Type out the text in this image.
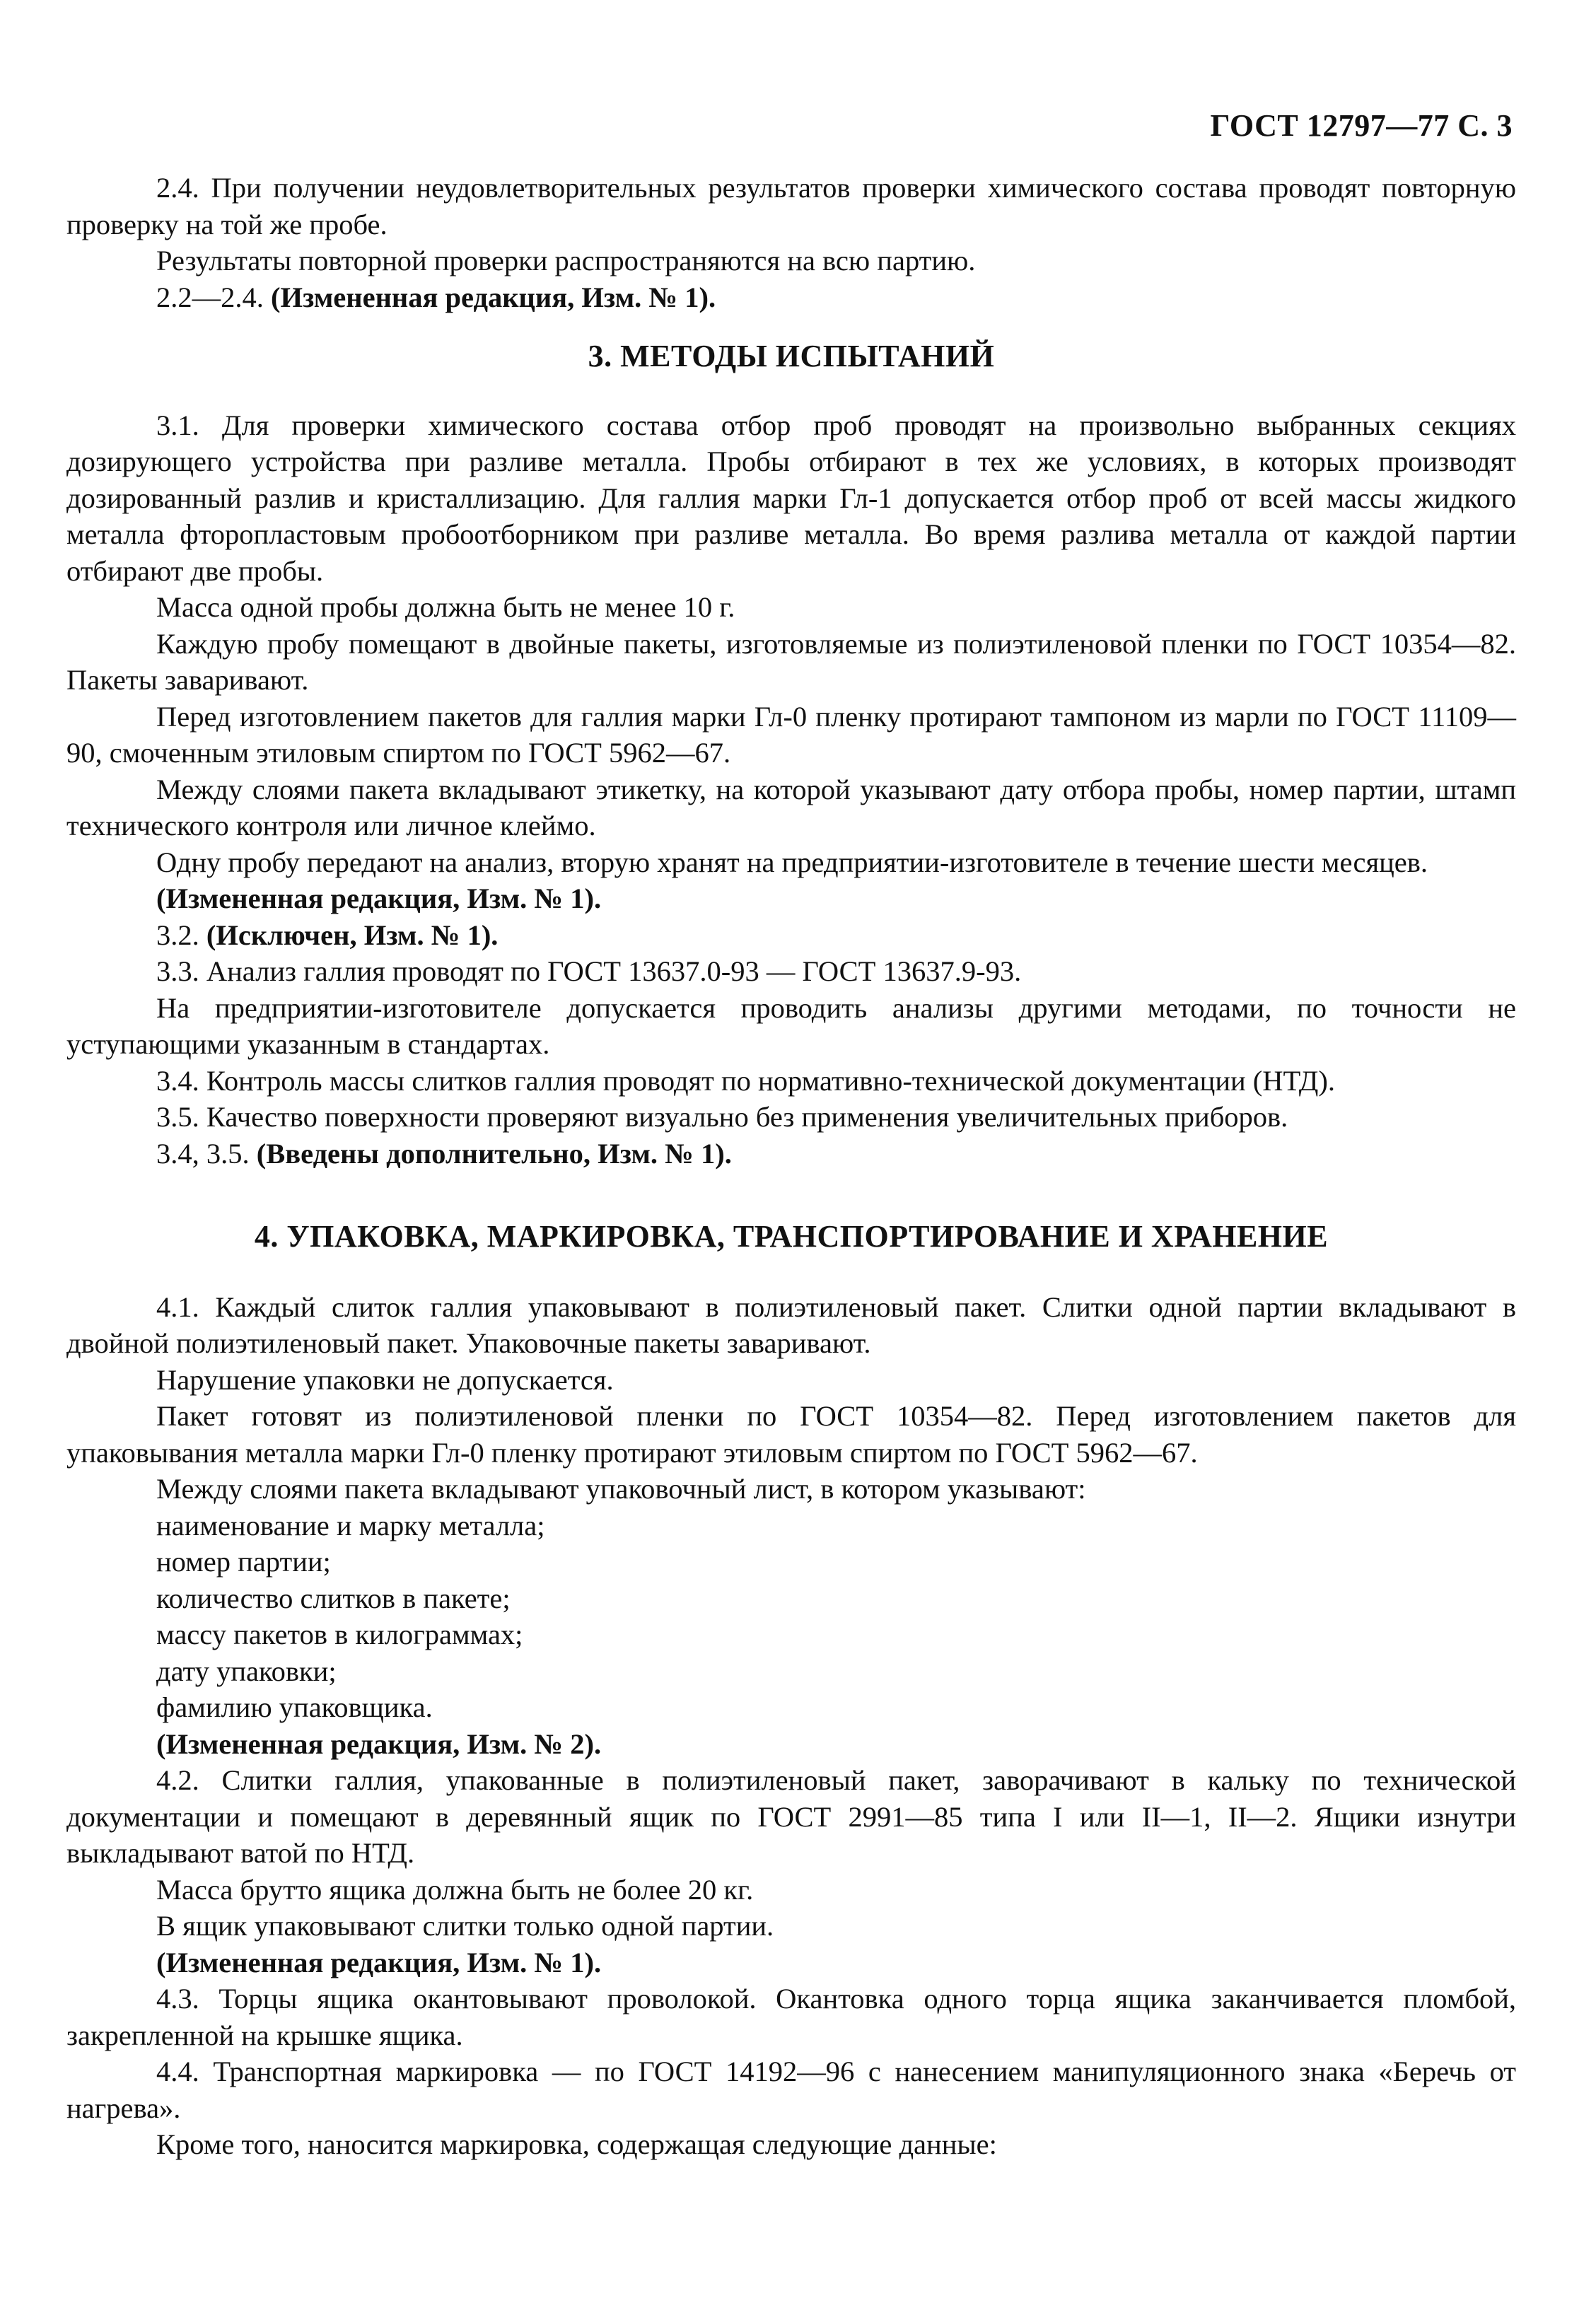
ГОСТ 12797—77 С. 3

2.4. При получении неудовлетворительных результатов проверки химического состава проводят повторную проверку на той же пробе.

Результаты повторной проверки распространяются на всю партию.

2.2—2.4. (Измененная редакция, Изм. № 1).

3. МЕТОДЫ ИСПЫТАНИЙ

3.1. Для проверки химического состава отбор проб проводят на произвольно выбранных секциях дозирующего устройства при разливе металла. Пробы отбирают в тех же условиях, в которых производят дозированный разлив и кристаллизацию. Для галлия марки Гл-1 допускается отбор проб от всей массы жидкого металла фторопластовым пробоотборником при разливе металла. Во время разлива металла от каждой партии отбирают две пробы.

Масса одной пробы должна быть не менее 10 г.

Каждую пробу помещают в двойные пакеты, изготовляемые из полиэтиленовой пленки по ГОСТ 10354—82. Пакеты заваривают.

Перед изготовлением пакетов для галлия марки Гл-0 пленку протирают тампоном из марли по ГОСТ 11109—90, смоченным этиловым спиртом по ГОСТ 5962—67.

Между слоями пакета вкладывают этикетку, на которой указывают дату отбора пробы, номер партии, штамп технического контроля или личное клеймо.

Одну пробу передают на анализ, вторую хранят на предприятии-изготовителе в течение шести месяцев.

(Измененная редакция, Изм. № 1).

3.2. (Исключен, Изм. № 1).

3.3. Анализ галлия проводят по ГОСТ 13637.0-93 — ГОСТ 13637.9-93.

На предприятии-изготовителе допускается проводить анализы другими методами, по точности не уступающими указанным в стандартах.

3.4. Контроль массы слитков галлия проводят по нормативно-технической документации (НТД).

3.5. Качество поверхности проверяют визуально без применения увеличительных приборов.

3.4, 3.5. (Введены дополнительно, Изм. № 1).

4. УПАКОВКА, МАРКИРОВКА, ТРАНСПОРТИРОВАНИЕ И ХРАНЕНИЕ

4.1. Каждый слиток галлия упаковывают в полиэтиленовый пакет. Слитки одной партии вкладывают в двойной полиэтиленовый пакет. Упаковочные пакеты заваривают.

Нарушение упаковки не допускается.

Пакет готовят из полиэтиленовой пленки по ГОСТ 10354—82. Перед изготовлением пакетов для упаковывания металла марки Гл-0 пленку протирают этиловым спиртом по ГОСТ 5962—67.

Между слоями пакета вкладывают упаковочный лист, в котором указывают:

наименование и марку металла;

номер партии;

количество слитков в пакете;

массу пакетов в килограммах;

дату упаковки;

фамилию упаковщика.

(Измененная редакция, Изм. № 2).

4.2. Слитки галлия, упакованные в полиэтиленовый пакет, заворачивают в кальку по технической документации и помещают в деревянный ящик по ГОСТ 2991—85 типа I или II—1, II—2. Ящики изнутри выкладывают ватой по НТД.

Масса брутто ящика должна быть не более 20 кг.

В ящик упаковывают слитки только одной партии.

(Измененная редакция, Изм. № 1).

4.3. Торцы ящика окантовывают проволокой. Окантовка одного торца ящика заканчивается пломбой, закрепленной на крышке ящика.

4.4. Транспортная маркировка — по ГОСТ 14192—96 с нанесением манипуляционного знака «Беречь от нагрева».

Кроме того, наносится маркировка, содержащая следующие данные:
